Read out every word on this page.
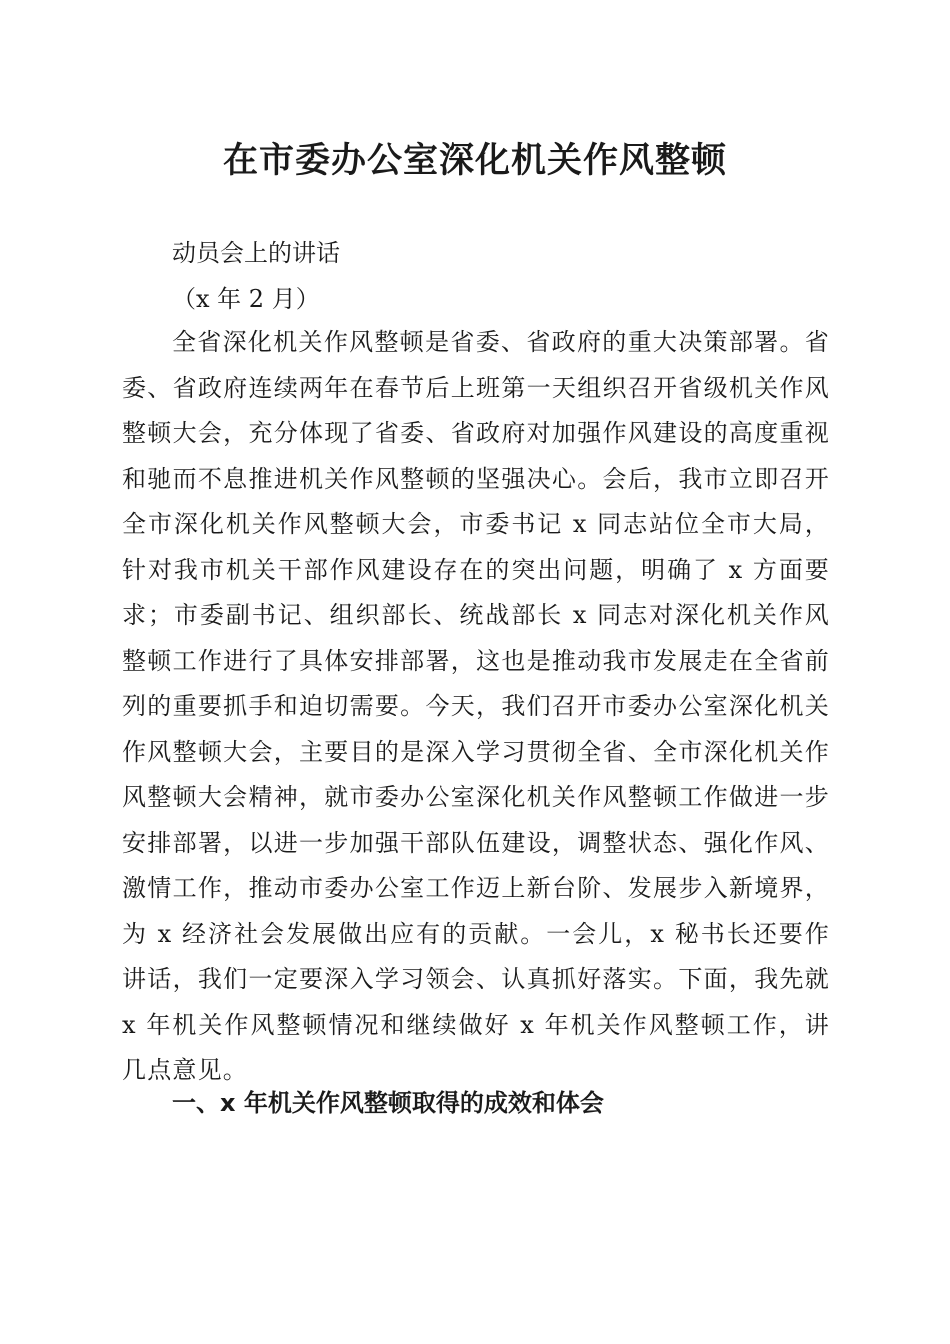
在市委办公室深化机关作风整顿

动员会上的讲话

（x 年 2 月）

全省深化机关作风整顿是省委、省政府的重大决策部署。省委、省政府连续两年在春节后上班第一天组织召开省级机关作风整顿大会，充分体现了省委、省政府对加强作风建设的高度重视和驰而不息推进机关作风整顿的坚强决心。会后，我市立即召开全市深化机关作风整顿大会，市委书记 x 同志站位全市大局，针对我市机关干部作风建设存在的突出问题，明确了 x 方面要求；市委副书记、组织部长、统战部长 x 同志对深化机关作风整顿工作进行了具体安排部署，这也是推动我市发展走在全省前列的重要抓手和迫切需要。今天，我们召开市委办公室深化机关作风整顿大会，主要目的是深入学习贯彻全省、全市深化机关作风整顿大会精神，就市委办公室深化机关作风整顿工作做进一步安排部署，以进一步加强干部队伍建设，调整状态、强化作风、激情工作，推动市委办公室工作迈上新台阶、发展步入新境界，为 x 经济社会发展做出应有的贡献。一会儿，x 秘书长还要作讲话，我们一定要深入学习领会、认真抓好落实。下面，我先就 x 年机关作风整顿情况和继续做好 x 年机关作风整顿工作，讲几点意见。

一、x 年机关作风整顿取得的成效和体会
